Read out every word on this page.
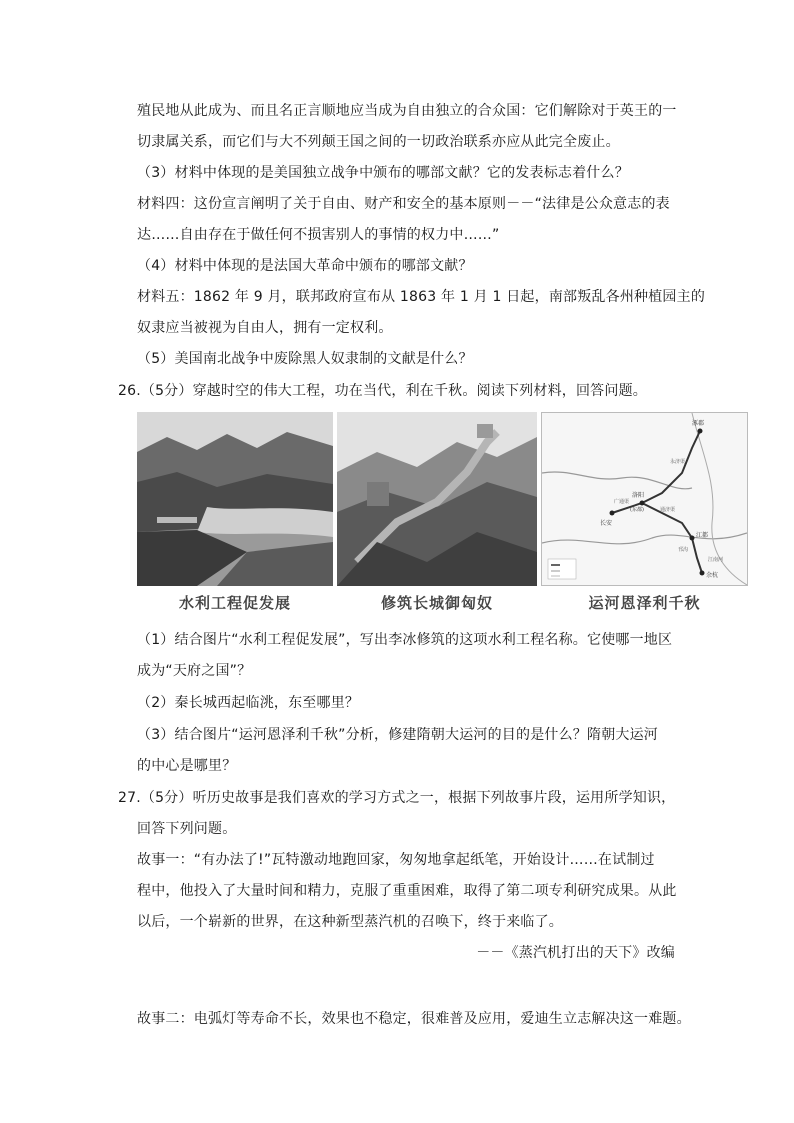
殖民地从此成为、而且名正言顺地应当成为自由独立的合众国：它们解除对于英王的一
切隶属关系，而它们与大不列颠王国之间的一切政治联系亦应从此完全废止。
（3）材料中体现的是美国独立战争中颁布的哪部文献？它的发表标志着什么？
材料四：这份宣言阐明了关于自由、财产和安全的基本原则－－“法律是公众意志的表
达……自由存在于做任何不损害别人的事情的权力中……”
（4）材料中体现的是法国大革命中颁布的哪部文献？
材料五：1862 年 9 月，联邦政府宣布从 1863 年 1 月 1 日起，南部叛乱各州种植园主的
奴隶应当被视为自由人，拥有一定权利。
（5）美国南北战争中废除黑人奴隶制的文献是什么？
26.（5分）穿越时空的伟大工程，功在当代，利在千秋。阅读下列材料，回答问题。
涿郡
洛阳
(东都)
长安
余杭
江都
广通渠
通济渠
永济渠
邗沟
江南河
水利工程促发展	修筑长城御匈奴	运河恩泽利千秋
（1）结合图片“水利工程促发展”，写出李冰修筑的这项水利工程名称。它使哪一地区
成为“天府之国”？
（2）秦长城西起临洮，东至哪里？
（3）结合图片“运河恩泽利千秋”分析，修建隋朝大运河的目的是什么？隋朝大运河
的中心是哪里？
27.（5分）听历史故事是我们喜欢的学习方式之一，根据下列故事片段，运用所学知识，
回答下列问题。
故事一：“有办法了!”瓦特激动地跑回家，匆匆地拿起纸笔，开始设计……在试制过
程中，他投入了大量时间和精力，克服了重重困难，取得了第二项专利研究成果。从此
以后，一个崭新的世界，在这种新型蒸汽机的召唤下，终于来临了。
－－《蒸汽机打出的天下》改编
故事二：电弧灯等寿命不长，效果也不稳定，很难普及应用，爱迪生立志解决这一难题。
